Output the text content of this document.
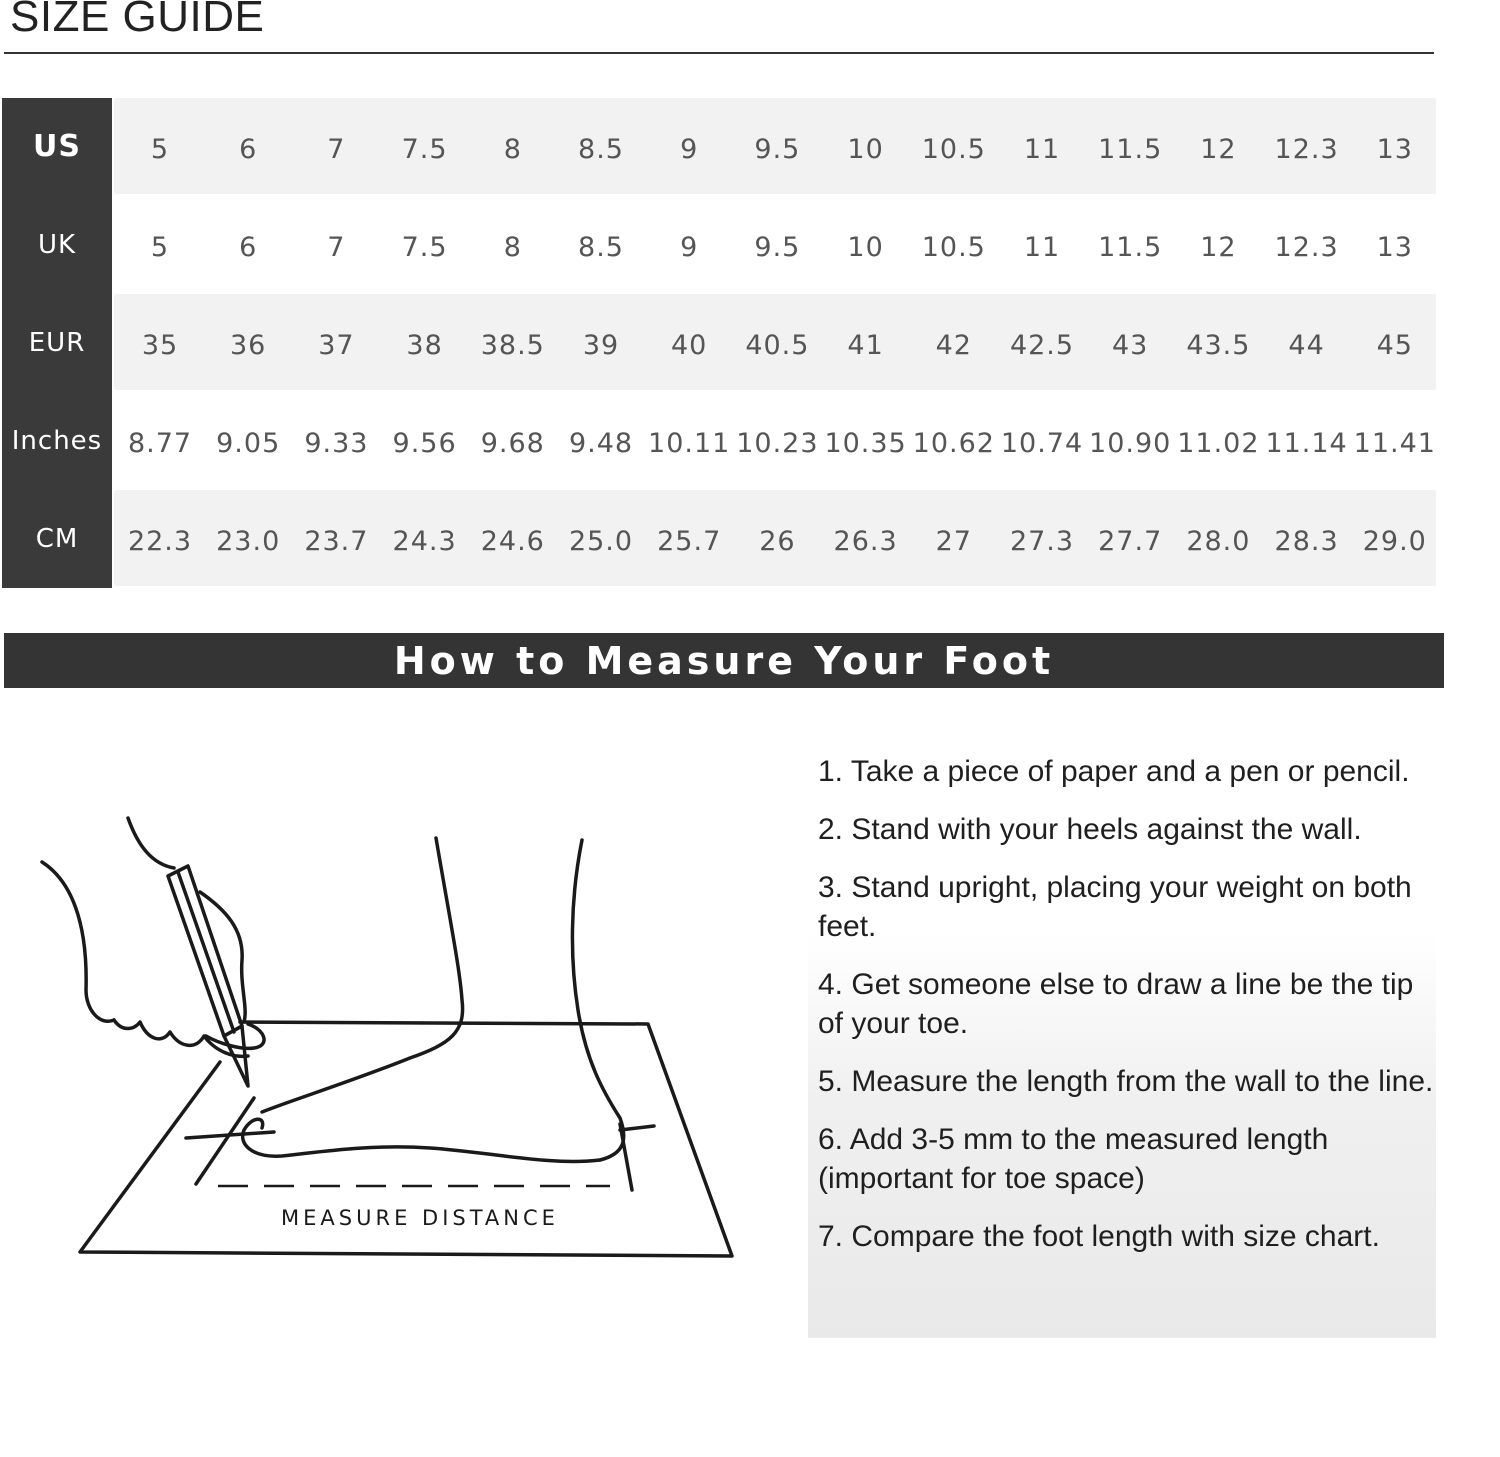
SIZE GUIDE
US	5	6	7	7.5	8	8.5	9	9.5	10	10.5	11	11.5	12	12.3	13
UK	5	6	7	7.5	8	8.5	9	9.5	10	10.5	11	11.5	12	12.3	13
EUR	35	36	37	38	38.5	39	40	40.5	41	42	42.5	43	43.5	44	45
Inches 8.77 9.05 9.33 9.56 9.68 9.48 10.11 10.23 10.35 10.62 10.74 10.90 11.02 11.14 11.41
CM	22.3 23.0 23.7 24.3 24.6 25.0 25.7	26	26.3	27	27.3 27.7 28.0 28.3 29.0
How to Measure Your Foot
MEASURE DISTANCE
1. Take a piece of paper and a pen or pencil.
2. Stand with your heels against the wall.
3. Stand upright, placing your weight on both feet.
4. Get someone else to draw a line be the tip of your toe.
5. Measure the length from the wall to the line.
6. Add 3-5 mm to the measured length (important for toe space)
7. Compare the foot length with size chart.
